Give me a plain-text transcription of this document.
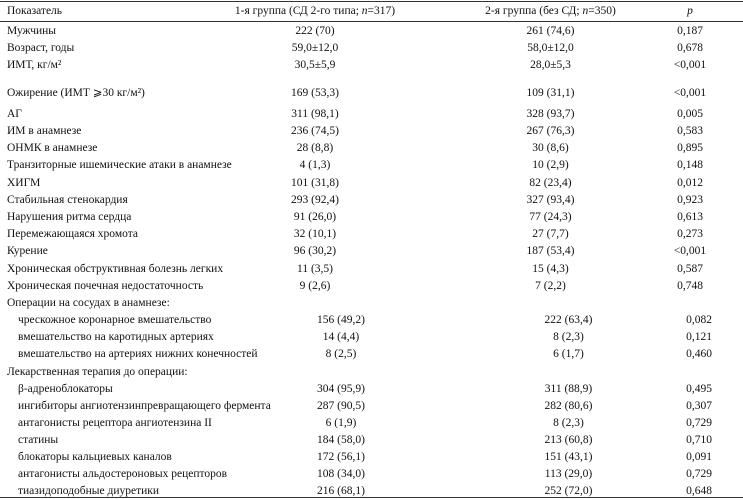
Показатель	1-я группа (СД 2-го типа; n=317)	2-я группа (без СД; n=350)	p
Мужчины	222 (70)	261 (74,6)	0,187
Возраст, годы	59,0±12,0	58,0±12,0	0,678
ИМТ, кг/м²	30,5±5,9	28,0±5,3	<0,001
Ожирение (ИМТ ⩾30 кг/м²)	169 (53,3)	109 (31,1)	<0,001
АГ	311 (98,1)	328 (93,7)	0,005
ИМ в анамнезе	236 (74,5)	267 (76,3)	0,583
ОНМК в анамнезе	28 (8,8)	30 (8,6)	0,895
Транзиторные ишемические атаки в анамнезе	4 (1,3)	10 (2,9)	0,148
ХИГМ	101 (31,8)	82 (23,4)	0,012
Стабильная стенокардия	293 (92,4)	327 (93,4)	0,923
Нарушения ритма сердца	91 (26,0)	77 (24,3)	0,613
Перемежающаяся хромота	32 (10,1)	27 (7,7)	0,273
Курение	96 (30,2)	187 (53,4)	<0,001
Хроническая обструктивная болезнь легких	11 (3,5)	15 (4,3)	0,587
Хроническая почечная недостаточность	9 (2,6)	7 (2,2)	0,748
Операции на сосудах в анамнезе:
чрескожное коронарное вмешательство	156 (49,2)	222 (63,4)	0,082
вмешательство на каротидных артериях	14 (4,4)	8 (2,3)	0,121
вмешательство на артериях нижних конечностей	8 (2,5)	6 (1,7)	0,460
Лекарственная терапия до операции:
β-адреноблокаторы	304 (95,9)	311 (88,9)	0,495
ингибиторы ангиотензинпревращающего фермента	287 (90,5)	282 (80,6)	0,307
антагонисты рецептора ангиотензина II	6 (1,9)	8 (2,3)	0,729
статины	184 (58,0)	213 (60,8)	0,710
блокаторы кальциевых каналов	172 (56,1)	151 (43,1)	0,091
антагонисты альдостероновых рецепторов	108 (34,0)	113 (29,0)	0,729
тиазидоподобные диуретики	216 (68,1)	252 (72,0)	0,648
